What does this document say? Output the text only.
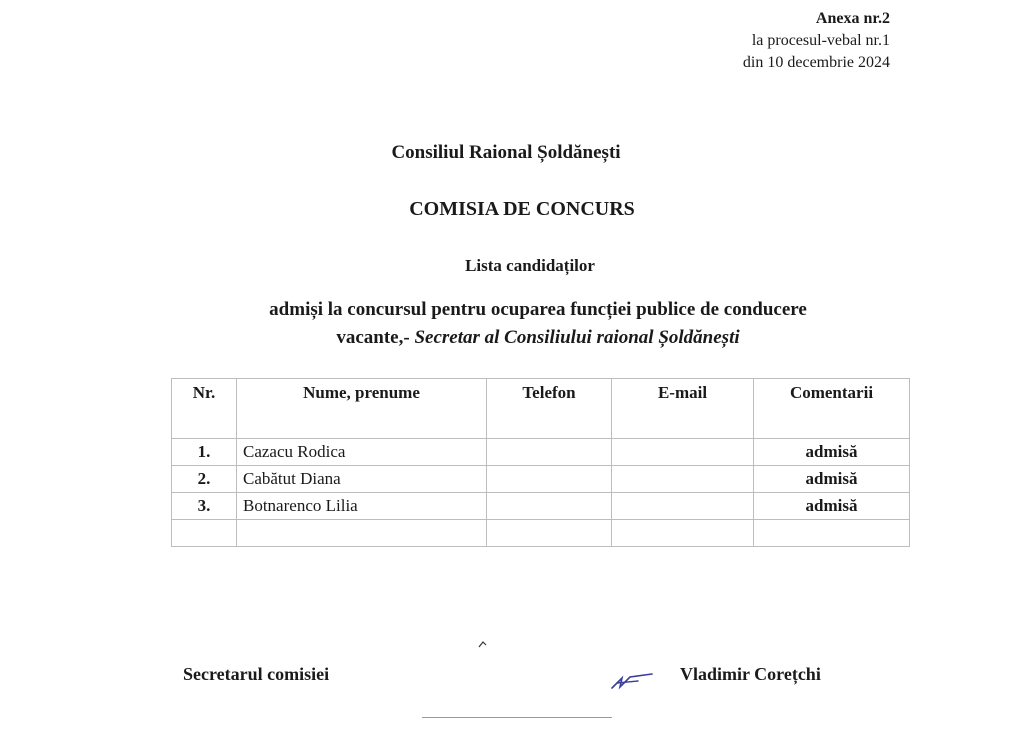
Anexa nr.2
la procesul-vebal nr.1
din 10 decembrie 2024
Consiliul Raional Șoldănești
COMISIA DE CONCURS
Lista candidaților
admiși la concursul pentru ocuparea funcției publice de conducere
vacante,- Secretar al Consiliului raional Șoldănești
Nr.	Nume, prenume	Telefon	E-mail	Comentarii
1.	Cazacu Rodica			admisă
2.	Cabătut Diana			admisă
3.	Botnarenco Lilia			admisă

Secretarul comisiei	Vladimir Corețchi
